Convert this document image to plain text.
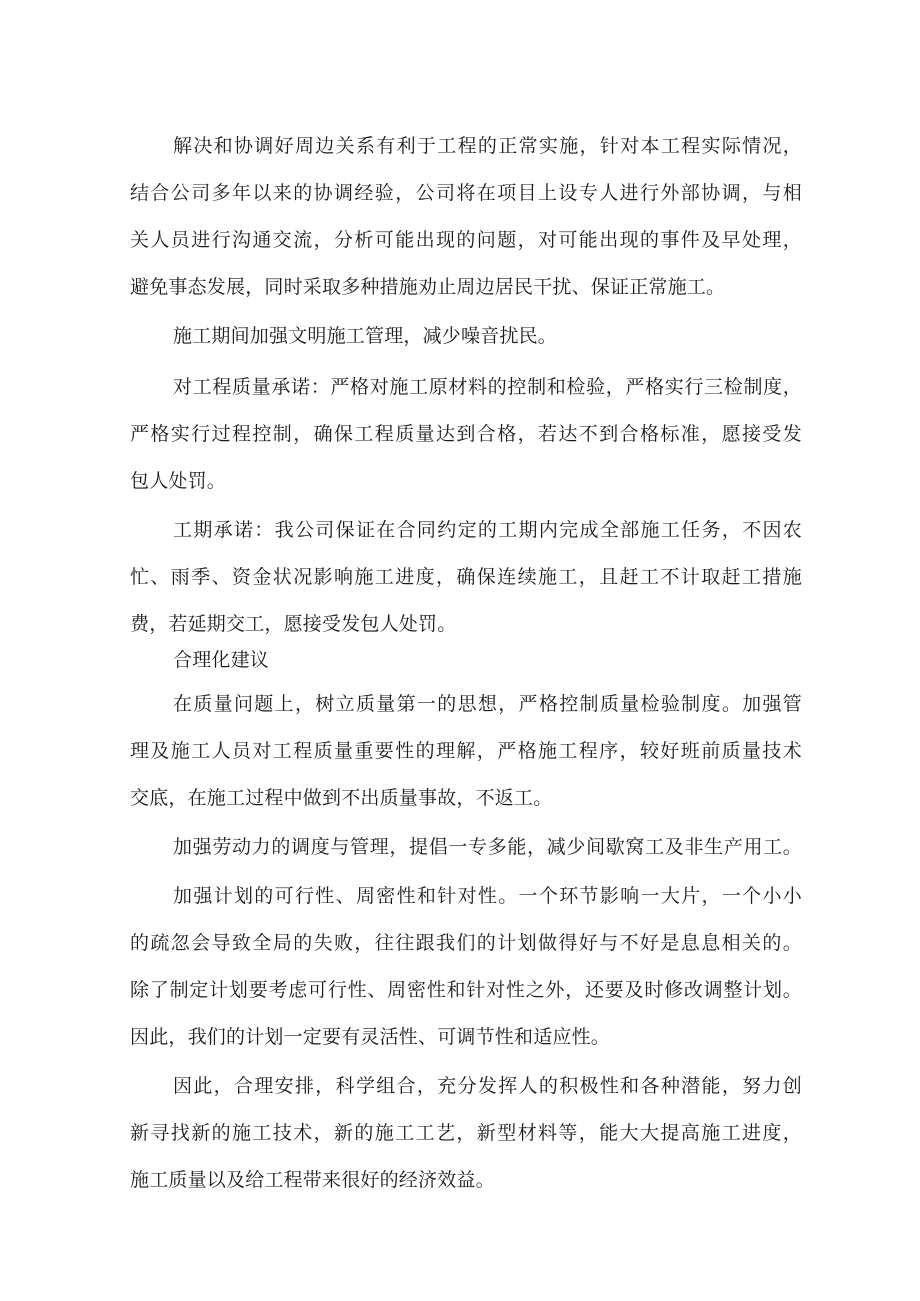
解决和协调好周边关系有利于工程的正常实施，针对本工程实际情况，
结合公司多年以来的协调经验，公司将在项目上设专人进行外部协调，与相
关人员进行沟通交流，分析可能出现的问题，对可能出现的事件及早处理，
避免事态发展，同时采取多种措施劝止周边居民干扰、保证正常施工。
施工期间加强文明施工管理，减少噪音扰民。
对工程质量承诺：严格对施工原材料的控制和检验，严格实行三检制度，
严格实行过程控制，确保工程质量达到合格，若达不到合格标准，愿接受发
包人处罚。
工期承诺：我公司保证在合同约定的工期内完成全部施工任务，不因农
忙、雨季、资金状况影响施工进度，确保连续施工，且赶工不计取赶工措施
费，若延期交工，愿接受发包人处罚。
合理化建议
在质量问题上，树立质量第一的思想，严格控制质量检验制度。加强管
理及施工人员对工程质量重要性的理解，严格施工程序，较好班前质量技术
交底，在施工过程中做到不出质量事故，不返工。
加强劳动力的调度与管理，提倡一专多能，减少间歇窝工及非生产用工。
加强计划的可行性、周密性和针对性。一个环节影响一大片，一个小小
的疏忽会导致全局的失败，往往跟我们的计划做得好与不好是息息相关的。
除了制定计划要考虑可行性、周密性和针对性之外，还要及时修改调整计划。
因此，我们的计划一定要有灵活性、可调节性和适应性。
因此，合理安排，科学组合，充分发挥人的积极性和各种潜能，努力创
新寻找新的施工技术，新的施工工艺，新型材料等，能大大提高施工进度，
施工质量以及给工程带来很好的经济效益。
